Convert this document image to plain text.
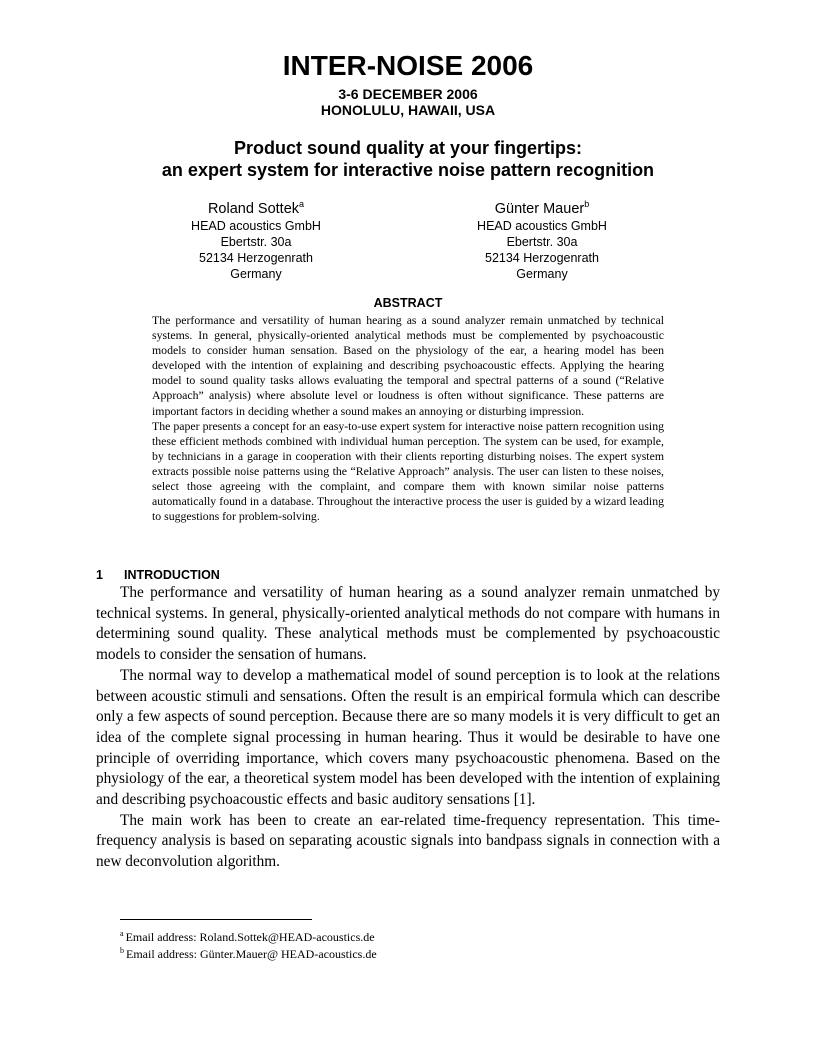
INTER-NOISE 2006
3-6 DECEMBER 2006
HONOLULU, HAWAII, USA
Product sound quality at your fingertips:
an expert system for interactive noise pattern recognition
Roland Sottek$^a$
HEAD acoustics GmbH
Ebertstr. 30a
52134 Herzogenrath
Germany
Günter Mauer$^b$
HEAD acoustics GmbH
Ebertstr. 30a
52134 Herzogenrath
Germany
ABSTRACT

The performance and versatility of human hearing as a sound analyzer remain unmatched by technical systems. In general, physically-oriented analytical methods must be complemented by psychoacoustic models to consider human sensation. Based on the physiology of the ear, a hearing model has been developed with the intention of explaining and describing psychoacoustic effects. Applying the hearing model to sound quality tasks allows evaluating the temporal and spectral patterns of a sound (“Relative Approach” analysis) where absolute level or loudness is often without significance. These patterns are important factors in deciding whether a sound makes an annoying or disturbing impression.

The paper presents a concept for an easy-to-use expert system for interactive noise pattern recognition using these efficient methods combined with individual human perception. The system can be used, for example, by technicians in a garage in cooperation with their clients reporting disturbing noises. The expert system extracts possible noise patterns using the “Relative Approach” analysis. The user can listen to these noises, select those agreeing with the complaint, and compare them with known similar noise patterns automatically found in a database. Throughout the interactive process the user is guided by a wizard leading to suggestions for problem-solving.

1 INTRODUCTION

The performance and versatility of human hearing as a sound analyzer remain unmatched by technical systems. In general, physically-oriented analytical methods do not compare with humans in determining sound quality. These analytical methods must be complemented by psychoacoustic models to consider the sensation of humans.

The normal way to develop a mathematical model of sound perception is to look at the relations between acoustic stimuli and sensations. Often the result is an empirical formula which can describe only a few aspects of sound perception. Because there are so many models it is very difficult to get an idea of the complete signal processing in human hearing. Thus it would be desirable to have one principle of overriding importance, which covers many psychoacoustic phenomena. Based on the physiology of the ear, a theoretical system model has been developed with the intention of explaining and describing psychoacoustic effects and basic auditory sensations [1].

The main work has been to create an ear-related time-frequency representation. This time-frequency analysis is based on separating acoustic signals into bandpass signals in connection with a new deconvolution algorithm.

$^a$ Email address: Roland.Sottek@HEAD-acoustics.de
$^b$ Email address: Günter.Mauer@ HEAD-acoustics.de
